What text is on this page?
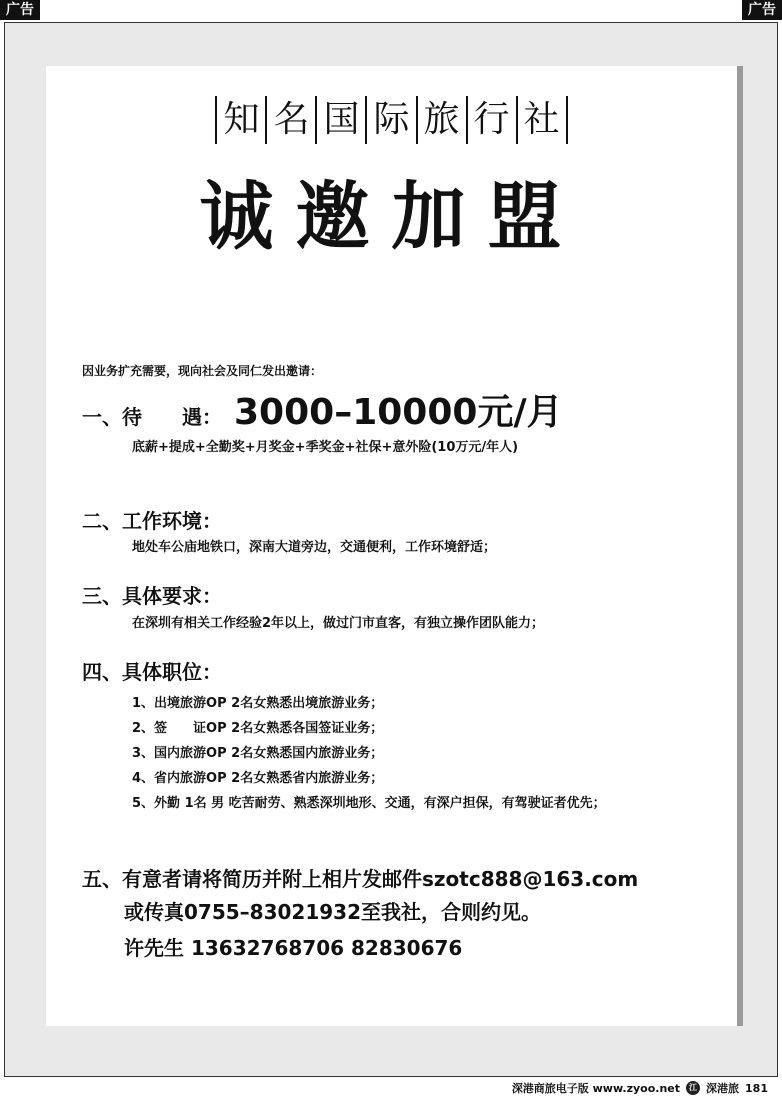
广告	广告
知 名 国 际 旅 行 社
诚邀加盟
因业务扩充需要，现向社会及同仁发出邀请：
一、待　　遇： 3000–10000元/月
底薪+提成+全勤奖+月奖金+季奖金+社保+意外险(10万元/年人)
二、工作环境：
地处车公庙地铁口，深南大道旁边，交通便利，工作环境舒适；
三、具体要求：
在深圳有相关工作经验2年以上，做过门市直客，有独立操作团队能力；
四、具体职位：
1、出境旅游OP 2名女熟悉出境旅游业务；
2、签　　证OP 2名女熟悉各国签证业务；
3、国内旅游OP 2名女熟悉国内旅游业务；
4、省内旅游OP 2名女熟悉省内旅游业务；
5、外勤 1名 男 吃苦耐劳、熟悉深圳地形、交通，有深户担保，有驾驶证者优先；
五、有意者请将简历并附上相片发邮件szotc888@163.com
或传真0755–83021932至我社，合则约见。
许先生 13632768706 82830676
深港商旅电子版 www.zyoo.net	江 深港旅 181
